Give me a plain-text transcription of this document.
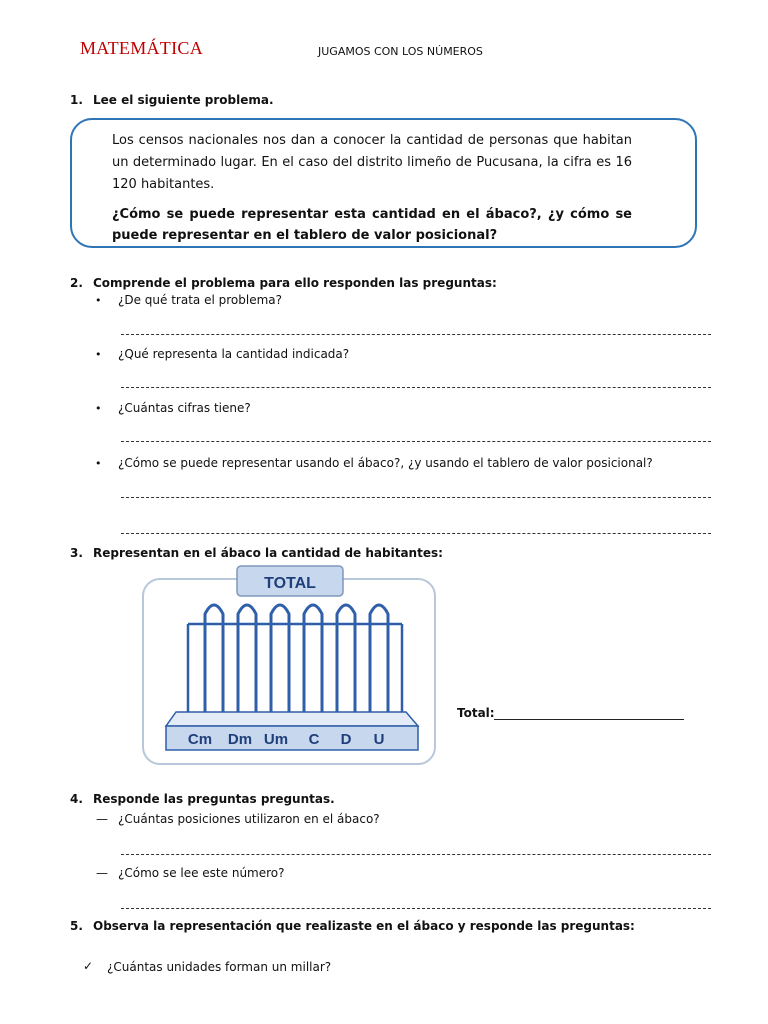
MATEMÁTICA	JUGAMOS CON LOS NÚMEROS
1. Lee el siguiente problema.
Los censos nacionales nos dan a conocer la cantidad de personas que habitan un determinado lugar. En el caso del distrito limeño de Pucusana, la cifra es 16 120 habitantes.
¿Cómo se puede representar esta cantidad en el ábaco?, ¿y cómo se puede representar en el tablero de valor posicional?
2. Comprende el problema para ello responden las preguntas:
• ¿De qué trata el problema?
• ¿Qué representa la cantidad indicada?
• ¿Cuántas cifras tiene?
• ¿Cómo se puede representar usando el ábaco?, ¿y usando el tablero de valor posicional?
3. Representan en el ábaco la cantidad de habitantes:
TOTAL
Cm Dm Um C D U
Total:
4. Responde las preguntas preguntas.
— ¿Cuántas posiciones utilizaron en el ábaco?
— ¿Cómo se lee este número?
5. Observa la representación que realizaste en el ábaco y responde las preguntas:
✓ ¿Cuántas unidades forman un millar?
